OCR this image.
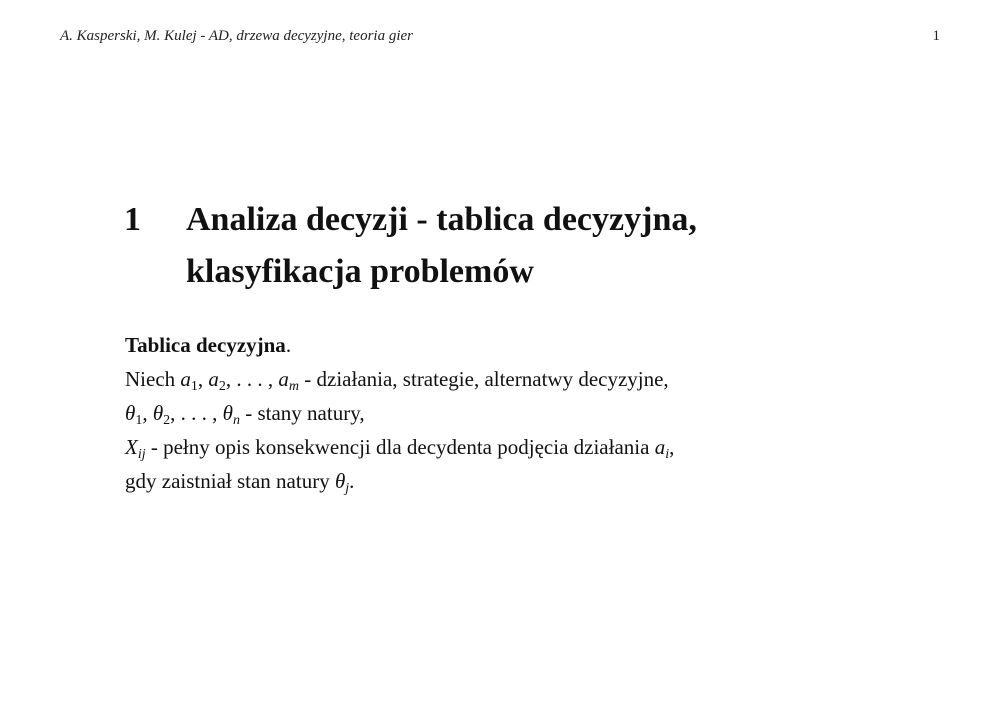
A. Kasperski, M. Kulej - AD, drzewa decyzyjne, teoria gier	1
1 Analiza decyzji - tablica decyzyjna,
klasyfikacja problemów
Tablica decyzyjna.
Niech $a_1$, $a_2$, . . . , $a_m$ - działania, strategie, alternatwy decyzyjne,
$\theta_1$, $\theta_2$, . . . , $\theta_n$ - stany natury,
$X_{ij}$ - pełny opis konsekwencji dla decydenta podjęcia działania $a_i$,
gdy zaistniał stan natury $\theta_j$.
